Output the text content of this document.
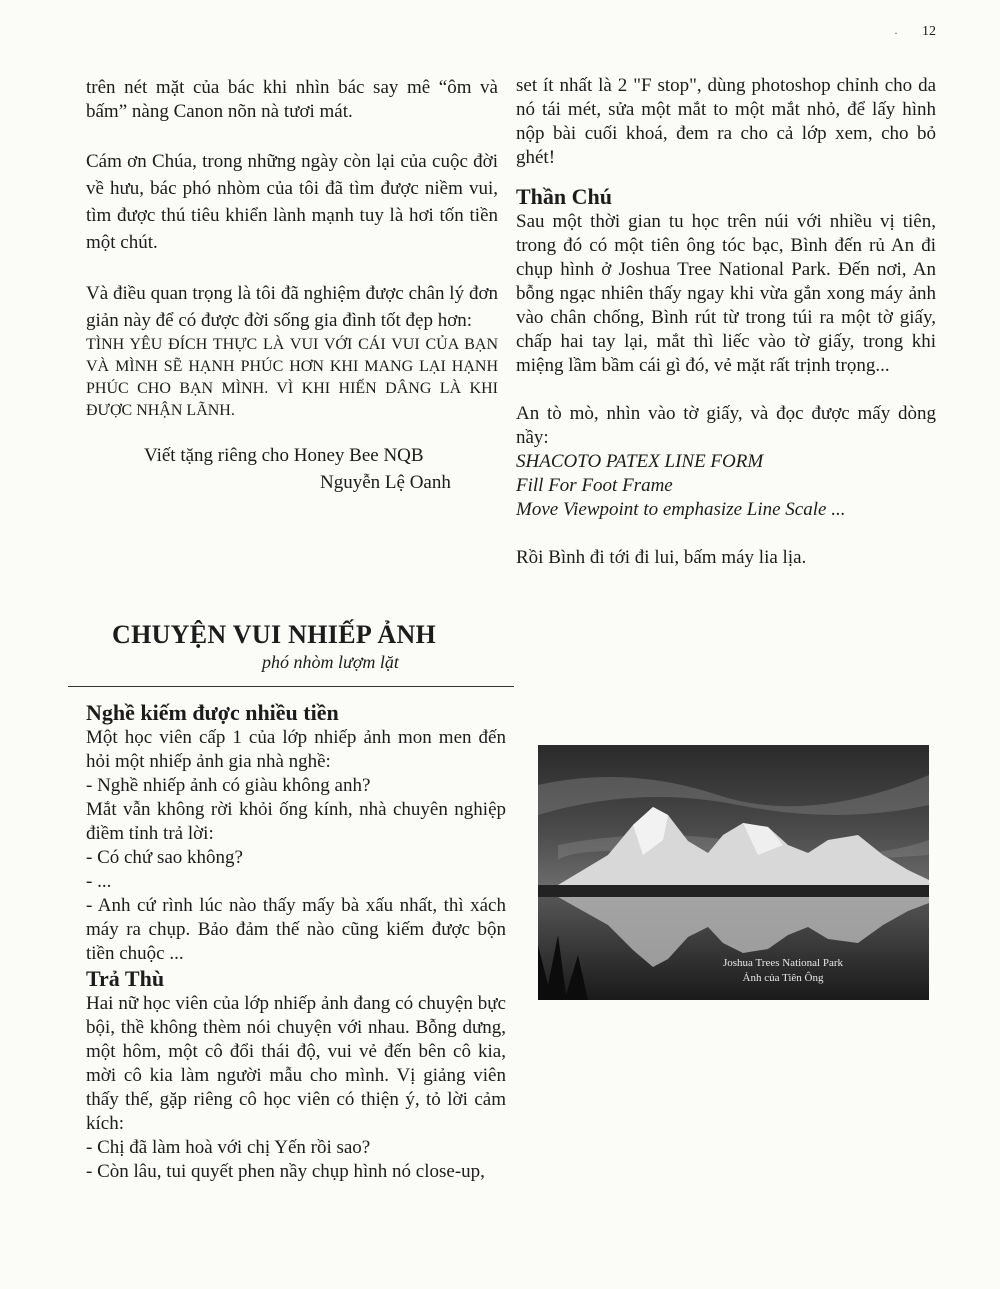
· 12

trên nét mặt của bác khi nhìn bác say mê “ôm và bấm” nàng Canon nõn nà tươi mát.

Cám ơn Chúa, trong những ngày còn lại của cuộc đời về hưu, bác phó nhòm của tôi đã tìm được niềm vui, tìm được thú tiêu khiển lành mạnh tuy là hơi tốn tiền một chút.

Và điều quan trọng là tôi đã nghiệm được chân lý đơn giản này để có được đời sống gia đình tốt đẹp hơn:

TÌNH YÊU ĐÍCH THỰC LÀ VUI VỚI CÁI VUI CỦA BẠN VÀ MÌNH SẼ HẠNH PHÚC HƠN KHI MANG LẠI HẠNH PHÚC CHO BẠN MÌNH. VÌ KHI HIẾN DÂNG LÀ KHI ĐƯỢC NHẬN LÃNH.

Viết tặng riêng cho Honey Bee NQB
Nguyễn Lệ Oanh

set ít nhất là 2 "F stop", dùng photoshop chỉnh cho da nó tái mét, sửa một mắt to một mắt nhỏ, để lấy hình nộp bài cuối khoá, đem ra cho cả lớp xem, cho bỏ ghét!

Thần Chú

Sau một thời gian tu học trên núi với nhiều vị tiên, trong đó có một tiên ông tóc bạc, Bình đến rủ An đi chụp hình ở Joshua Tree National Park. Đến nơi, An bỗng ngạc nhiên thấy ngay khi vừa gắn xong máy ảnh vào chân chống, Bình rút từ trong túi ra một tờ giấy, chấp hai tay lại, mắt thì liếc vào tờ giấy, trong khi miệng lầm bầm cái gì đó, vẻ mặt rất trịnh trọng...

An tò mò, nhìn vào tờ giấy, và đọc được mấy dòng nầy:

SHACOTO PATEX LINE FORM

Fill For Foot Frame

Move Viewpoint to emphasize Line Scale ...

Rồi Bình đi tới đi lui, bấm máy lia lịa.

CHUYỆN VUI NHIẾP ẢNH
phó nhòm lượm lặt
Nghề kiếm được nhiều tiền

Một học viên cấp 1 của lớp nhiếp ảnh mon men đến hỏi một nhiếp ảnh gia nhà nghề:

- Nghề nhiếp ảnh có giàu không anh?

Mắt vẫn không rời khỏi ống kính, nhà chuyên nghiệp điềm tỉnh trả lời:

- Có chứ sao không?

- ...

- Anh cứ rình lúc nào thấy mấy bà xấu nhất, thì xách máy ra chụp. Bảo đảm thế nào cũng kiếm được bộn tiền chuộc ...

Trả Thù

Hai nữ học viên của lớp nhiếp ảnh đang có chuyện bực bội, thề không thèm nói chuyện với nhau. Bỗng dưng, một hôm, một cô đổi thái độ, vui vẻ đến bên cô kia, mời cô kia làm người mẫu cho mình. Vị giảng viên thấy thế, gặp riêng cô học viên có thiện ý, tỏ lời cảm kích:

- Chị đã làm hoà với chị Yến rồi sao?

- Còn lâu, tui quyết phen nầy chụp hình nó close-up,

Joshua Trees National Park
Ảnh của Tiên Ông
